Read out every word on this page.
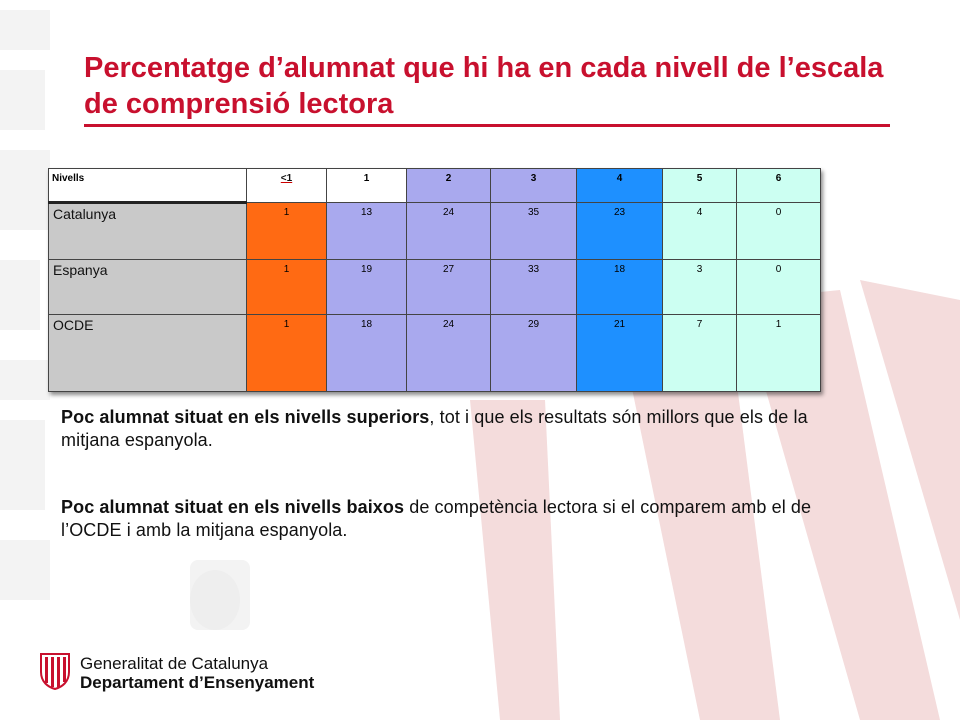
Percentatge d’alumnat que hi ha en cada nivell de l’escala de comprensió lectora
Nivells	<1	1	2	3	4	5	6
Catalunya	1	13	24	35	23	4	0
Espanya	1	19	27	33	18	3	0
OCDE	1	18	24	29	21	7	1

Poc alumnat situat en els nivells superiors, tot i que els resultats són millors que els de la mitjana espanyola.

Poc alumnat situat en els nivells baixos de competència lectora si el comparem amb el de l’OCDE i amb la mitjana espanyola.

Generalitat de Catalunya
Departament d’Ensenyament
